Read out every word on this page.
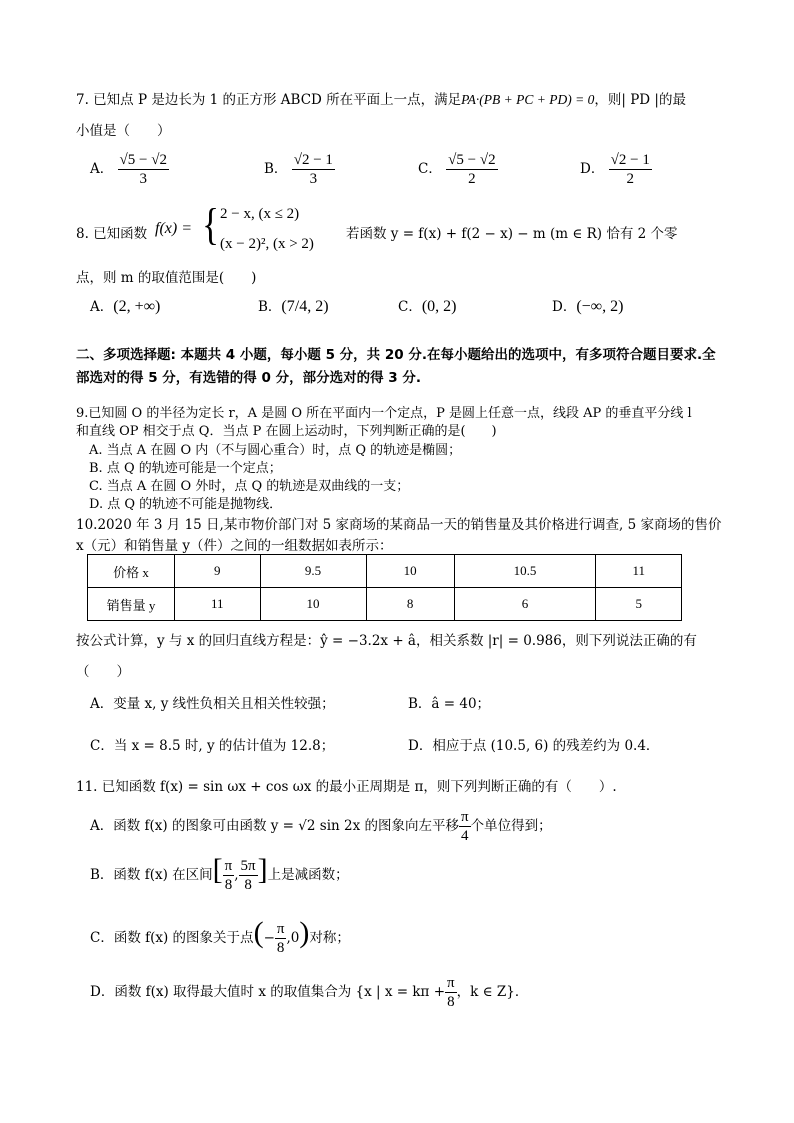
7. 已知点 P 是边长为 1 的正方形 ABCD 所在平面上一点，满足PA·(PB + PC + PD) = 0，则| PD |的最
小值是（　　）
A． $\frac{√5 - √2}{3}$	B． $\frac{√2 - 1}{3}$	C． $\frac{√5 - √2}{2}$	D． $\frac{√2 - 1}{2}$
8. 已知函数 f(x) = { 2 − x, (x ≤ 2)
(x − 2)², (x > 2)
若函数 y = f(x) + f(2 − x) − m (m ∈ R) 恰有 2 个零
点，则 m 的取值范围是(　　)
A．(2, +∞)	B．(7/4, 2)	C．(0, 2)	D．(−∞, 2)
二、多项选择题: 本题共 4 小题，每小题 5 分，共 20 分.在每小题给出的选项中，有多项符合题目要求.全
部选对的得 5 分，有选错的得 0 分，部分选对的得 3 分.
9.已知圆 O 的半径为定长 r，A 是圆 O 所在平面内一个定点，P 是圆上任意一点，线段 AP 的垂直平分线 l
和直线 OP 相交于点 Q．当点 P 在圆上运动时，下列判断正确的是(　　)
A. 当点 A 在圆 O 内（不与圆心重合）时，点 Q 的轨迹是椭圆；
B. 点 Q 的轨迹可能是一个定点；
C. 当点 A 在圆 O 外时，点 Q 的轨迹是双曲线的一支；
D. 点 Q 的轨迹不可能是抛物线．
10.2020 年 3 月 15 日,某市物价部门对 5 家商场的某商品一天的销售量及其价格进行调查, 5 家商场的售价
x（元）和销售量 y（件）之间的一组数据如表所示：
价格 x	9	9.5	10	10.5	11
销售量 y	11	10	8	6	5
按公式计算，y 与 x 的回归直线方程是：ŷ = −3.2x + â，相关系数 |r| = 0.986，则下列说法正确的有
（　　）
A．变量 x, y 线性负相关且相关性较强；	B．â = 40；
C．当 x = 8.5 时, y 的估计值为 12.8；	D．相应于点 (10.5, 6) 的残差约为 0.4．
11. 已知函数 f(x) = sin ωx + cos ωx 的最小正周期是 π，则下列判断正确的有（　　）.
A．函数 f(x) 的图象可由函数 y = √2 sin 2x 的图象向左平移 $\frac{\pi}{4}$ 个单位得到；
B．函数 f(x) 在区间[ $\frac{\pi}{8}$ , $\frac{5\pi}{8}$ ]上是减函数；
C．函数 f(x) 的图象关于点(− $\frac{\pi}{8} ,0$)对称；
D．函数 f(x) 取得最大值时 x 的取值集合为 {x | $x = k\pi + \frac{\pi}{8}$ ，k ∈ Z}．
